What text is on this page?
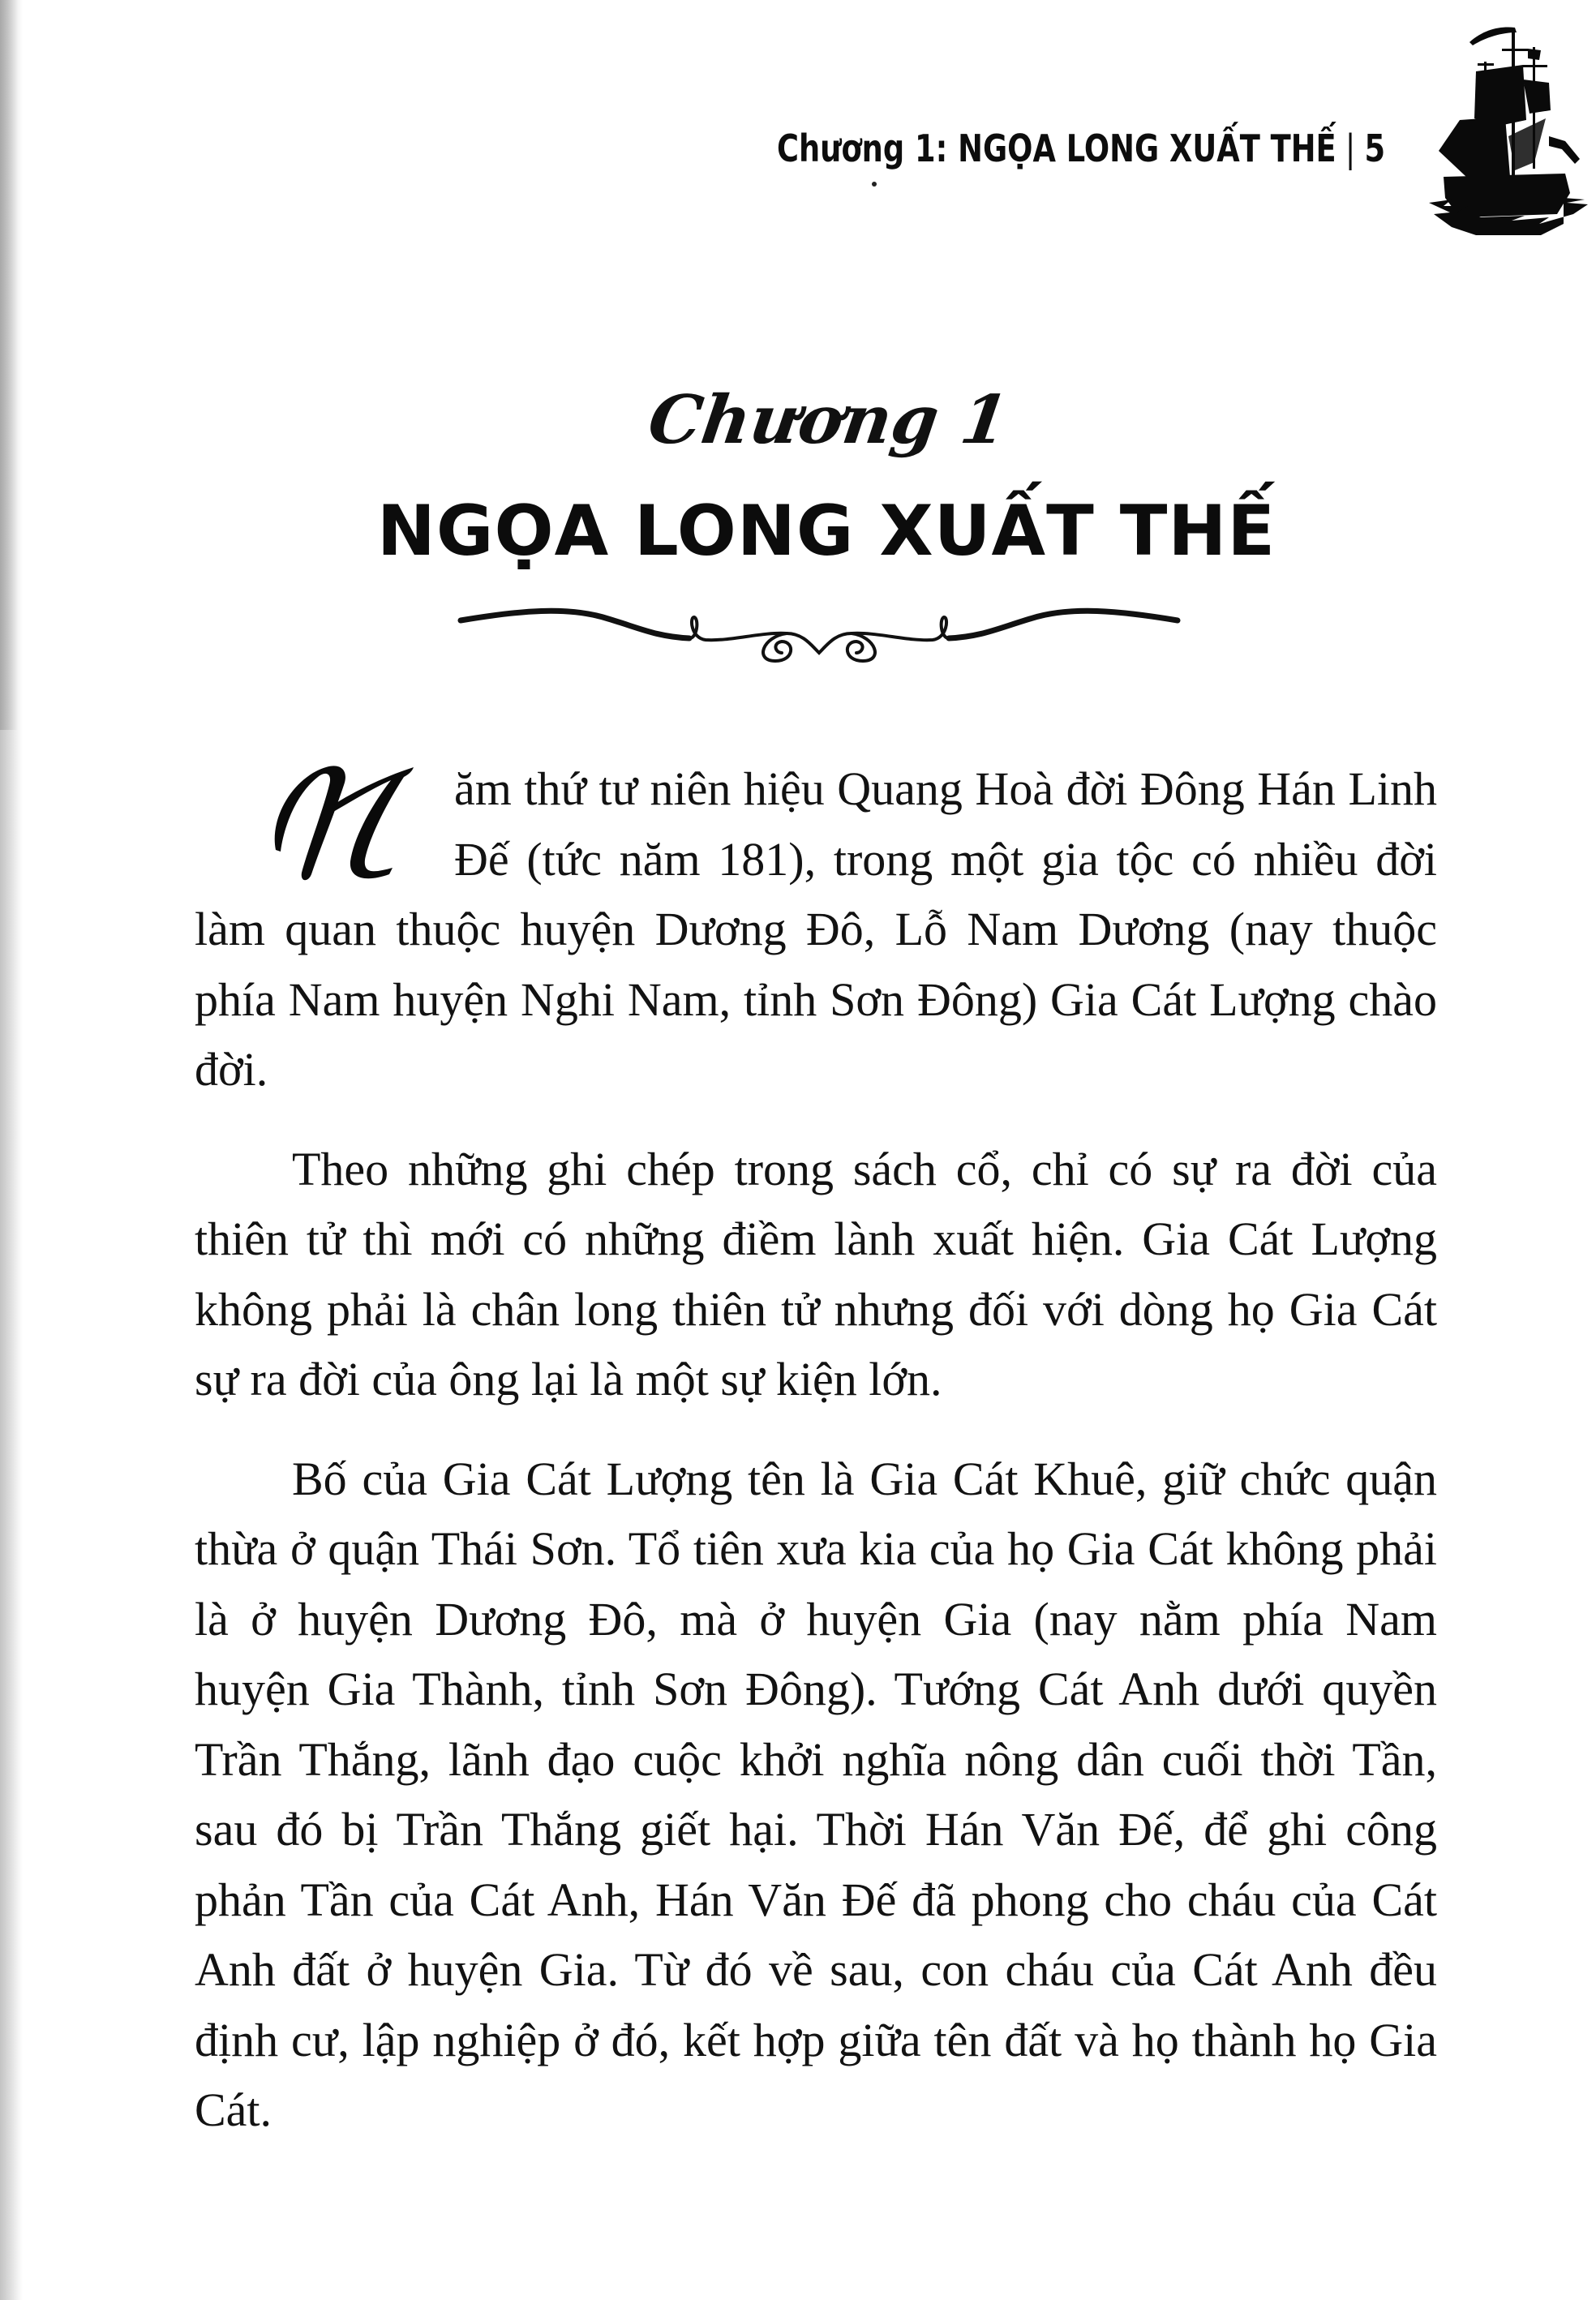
Chương 1: NGỌA LONG XUẤT THẾ | 5
Chương 1
NGỌA LONG XUẤT THẾ

ăm thứ tư niên hiệu Quang Hoà đời Đông Hán Linh Đế (tức năm 181), trong một gia tộc có nhiều đời làm quan thuộc huyện Dương Đô, Lỗ Nam Dương (nay thuộc phía Nam huyện Nghi Nam, tỉnh Sơn Đông) Gia Cát Lượng chào đời.

Theo những ghi chép trong sách cổ, chỉ có sự ra đời của thiên tử thì mới có những điềm lành xuất hiện. Gia Cát Lượng không phải là chân long thiên tử nhưng đối với dòng họ Gia Cát sự ra đời của ông lại là một sự kiện lớn.

Bố của Gia Cát Lượng tên là Gia Cát Khuê, giữ chức quận thừa ở quận Thái Sơn. Tổ tiên xưa kia của họ Gia Cát không phải là ở huyện Dương Đô, mà ở huyện Gia (nay nằm phía Nam huyện Gia Thành, tỉnh Sơn Đông). Tướng Cát Anh dưới quyền Trần Thắng, lãnh đạo cuộc khởi nghĩa nông dân cuối thời Tần, sau đó bị Trần Thắng giết hại. Thời Hán Văn Đế, để ghi công phản Tần của Cát Anh, Hán Văn Đế đã phong cho cháu của Cát Anh đất ở huyện Gia. Từ đó về sau, con cháu của Cát Anh đều định cư, lập nghiệp ở đó, kết hợp giữa tên đất và họ thành họ Gia Cát.
